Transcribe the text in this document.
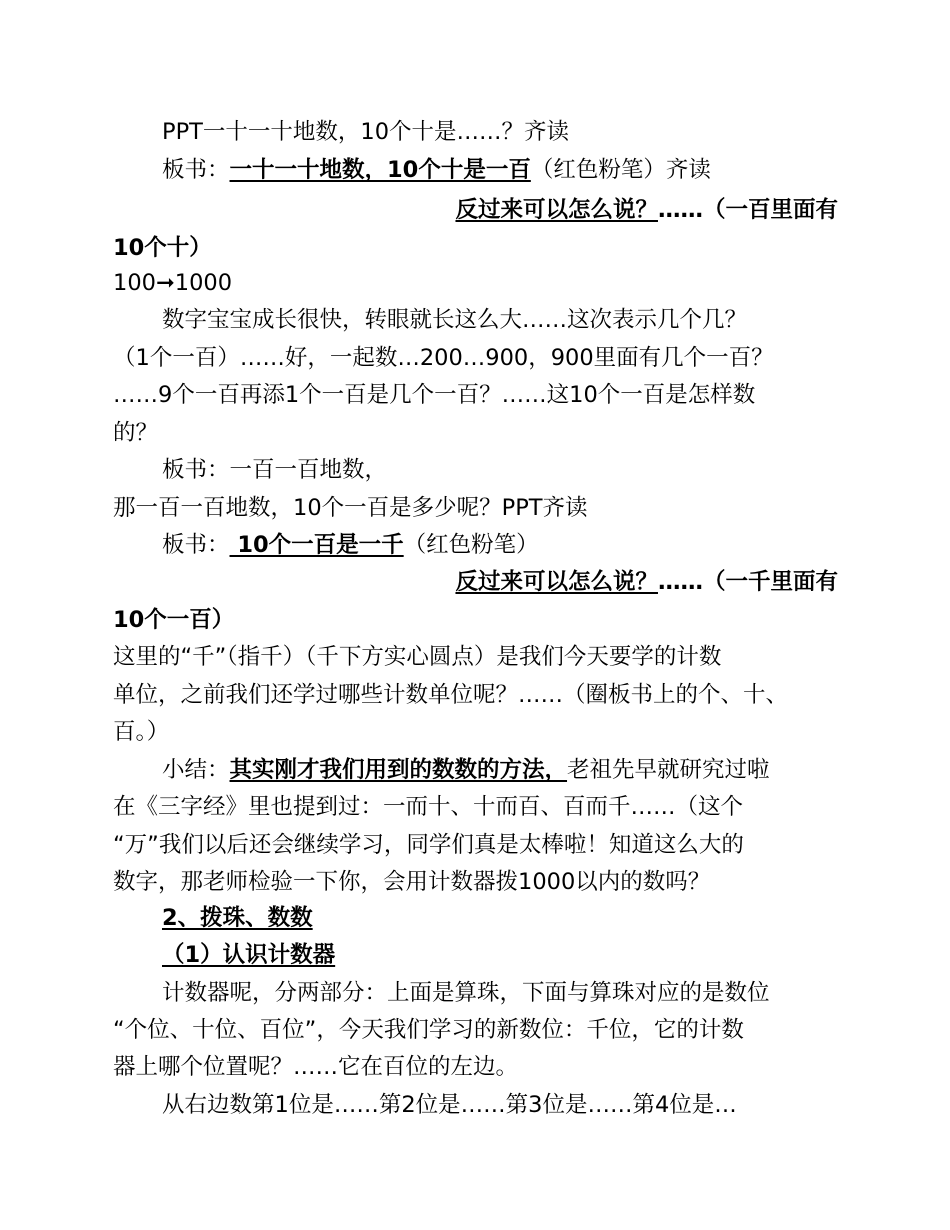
PPT一十一十地数，10个十是……？齐读
板书：一十一十地数，10个十是一百（红色粉笔）齐读
反过来可以怎么说？……（一百里面有
10个十）
100➞1000
数字宝宝成长很快，转眼就长这么大……这次表示几个几？
（1个一百）……好，一起数…200…900，900里面有几个一百？
……9个一百再添1个一百是几个一百？……这10个一百是怎样数
的？
板书：一百一百地数，
那一百一百地数，10个一百是多少呢？PPT齐读
板书： 10个一百是一千（红色粉笔）
反过来可以怎么说？……（一千里面有
10个一百）
这里的“千”（指千）（千下方实心圆点）是我们今天要学的计数
单位，之前我们还学过哪些计数单位呢？……（圈板书上的个、十、
百。）
小结：其实刚才我们用到的数数的方法，老祖先早就研究过啦
在《三字经》里也提到过：一而十、十而百、百而千……（这个
“万”我们以后还会继续学习，同学们真是太棒啦！知道这么大的
数字，那老师检验一下你，会用计数器拨1000以内的数吗？
2、拨珠、数数
（1）认识计数器
计数器呢，分两部分：上面是算珠，下面与算珠对应的是数位
“个位、十位、百位”，今天我们学习的新数位：千位，它的计数
器上哪个位置呢？……它在百位的左边。
从右边数第1位是……第2位是……第3位是……第4位是…
